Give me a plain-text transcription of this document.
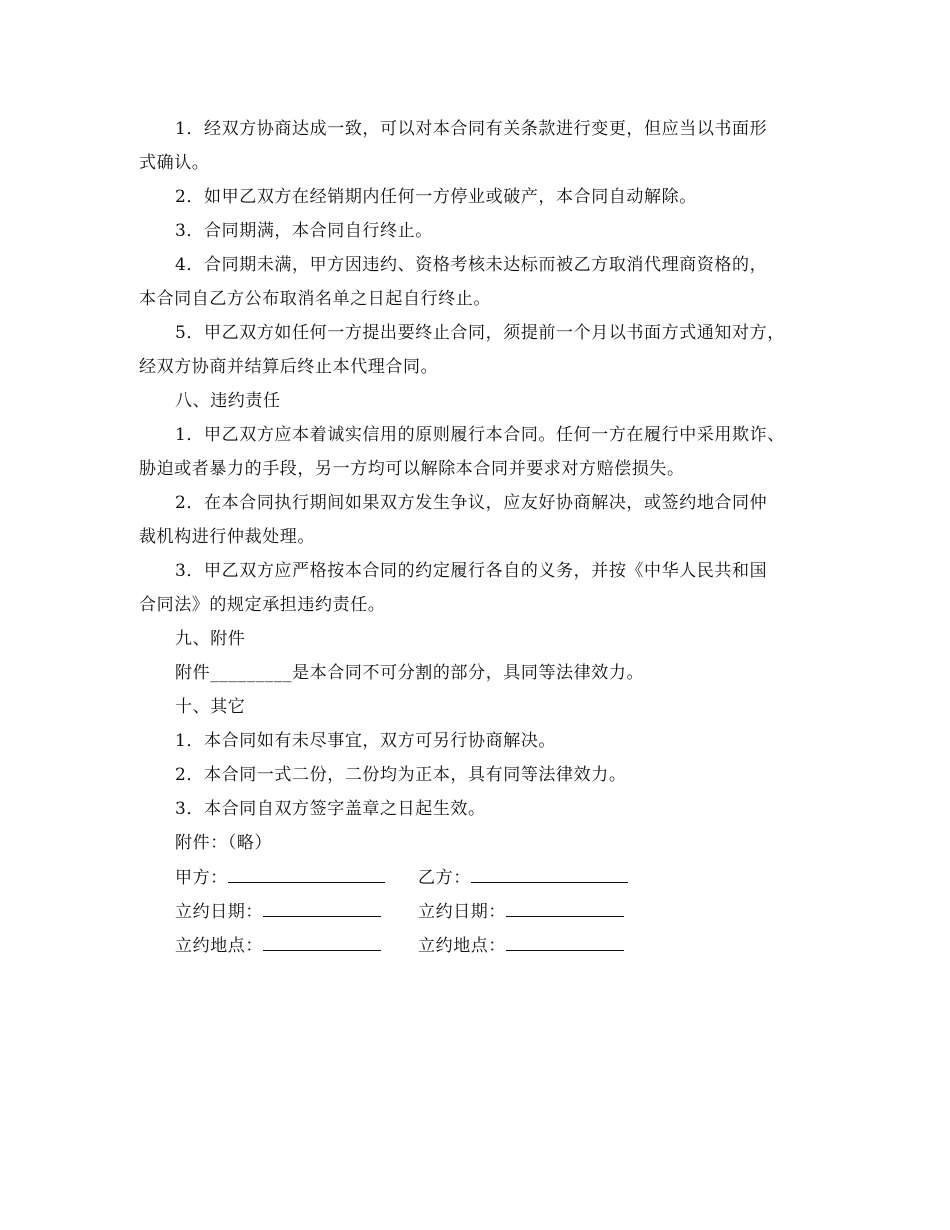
1．经双方协商达成一致，可以对本合同有关条款进行变更，但应当以书面形
式确认。
2．如甲乙双方在经销期内任何一方停业或破产，本合同自动解除。
3．合同期满，本合同自行终止。
4．合同期未满，甲方因违约、资格考核未达标而被乙方取消代理商资格的，
本合同自乙方公布取消名单之日起自行终止。
5．甲乙双方如任何一方提出要终止合同，须提前一个月以书面方式通知对方，
经双方协商并结算后终止本代理合同。
八、违约责任
1．甲乙双方应本着诚实信用的原则履行本合同。任何一方在履行中采用欺诈、
胁迫或者暴力的手段，另一方均可以解除本合同并要求对方赔偿损失。
2．在本合同执行期间如果双方发生争议，应友好协商解决，或签约地合同仲
裁机构进行仲裁处理。
3．甲乙双方应严格按本合同的约定履行各自的义务，并按《中华人民共和国
合同法》的规定承担违约责任。
九、附件
附件_________是本合同不可分割的部分，具同等法律效力。
十、其它
1．本合同如有未尽事宜，双方可另行协商解决。
2．本合同一式二份，二份均为正本，具有同等法律效力。
3．本合同自双方签字盖章之日起生效。
附件：（略）
甲方：	乙方：
立约日期：	立约日期：
立约地点：	立约地点：
